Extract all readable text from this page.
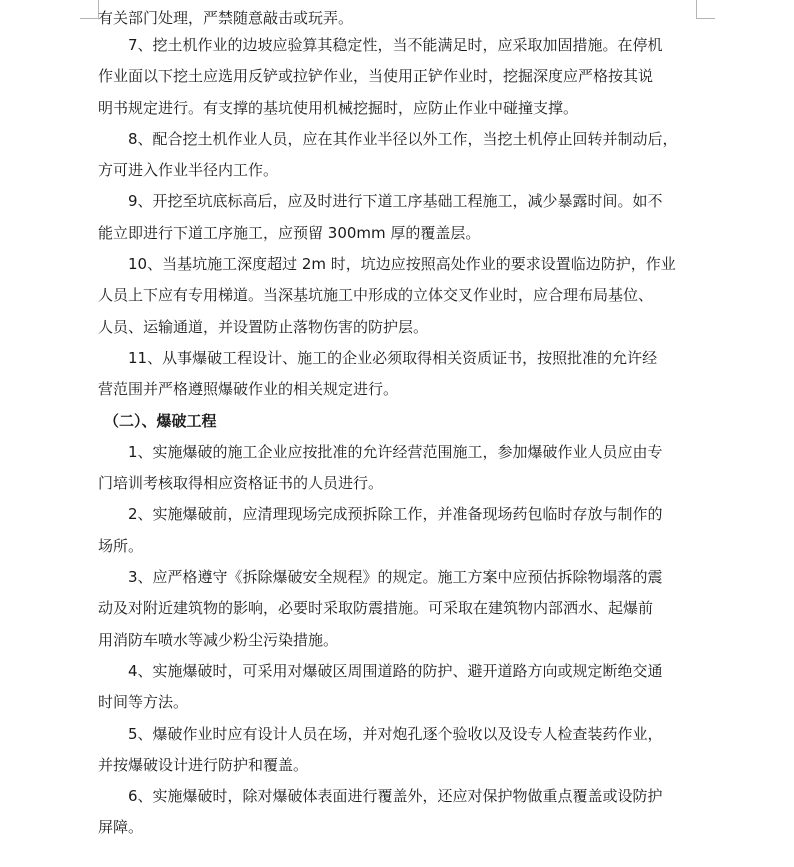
有关部门处理，严禁随意敲击或玩弄。
7、挖土机作业的边坡应验算其稳定性，当不能满足时，应采取加固措施。在停机
作业面以下挖土应选用反铲或拉铲作业，当使用正铲作业时，挖掘深度应严格按其说
明书规定进行。有支撑的基坑使用机械挖掘时，应防止作业中碰撞支撑。
8、配合挖土机作业人员，应在其作业半径以外工作，当挖土机停止回转并制动后，
方可进入作业半径内工作。
9、开挖至坑底标高后，应及时进行下道工序基础工程施工，减少暴露时间。如不
能立即进行下道工序施工，应预留 300mm 厚的覆盖层。
10、当基坑施工深度超过 2m 时，坑边应按照高处作业的要求设置临边防护，作业
人员上下应有专用梯道。当深基坑施工中形成的立体交叉作业时，应合理布局基位、
人员、运输通道，并设置防止落物伤害的防护层。
11、从事爆破工程设计、施工的企业必须取得相关资质证书，按照批准的允许经
营范围并严格遵照爆破作业的相关规定进行。
（二）、爆破工程
1、实施爆破的施工企业应按批准的允许经营范围施工，参加爆破作业人员应由专
门培训考核取得相应资格证书的人员进行。
2、实施爆破前，应清理现场完成预拆除工作，并准备现场药包临时存放与制作的
场所。
3、应严格遵守《拆除爆破安全规程》的规定。施工方案中应预估拆除物塌落的震
动及对附近建筑物的影响，必要时采取防震措施。可采取在建筑物内部洒水、起爆前
用消防车喷水等减少粉尘污染措施。
4、实施爆破时，可采用对爆破区周围道路的防护、避开道路方向或规定断绝交通
时间等方法。
5、爆破作业时应有设计人员在场，并对炮孔逐个验收以及设专人检查装药作业，
并按爆破设计进行防护和覆盖。
6、实施爆破时，除对爆破体表面进行覆盖外，还应对保护物做重点覆盖或设防护
屏障。
